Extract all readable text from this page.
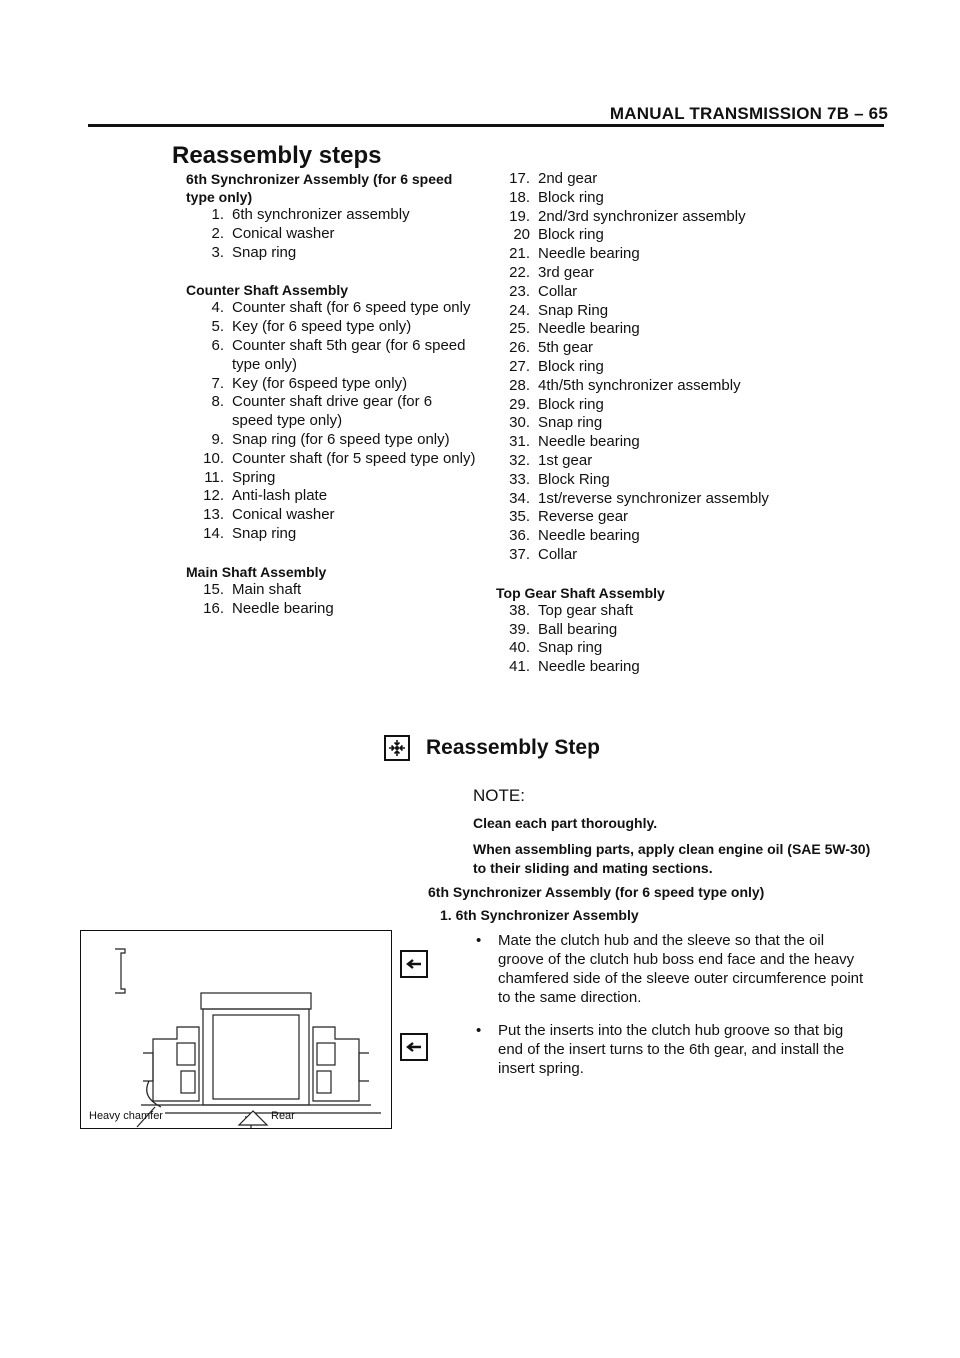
MANUAL TRANSMISSION 7B – 65
Reassembly steps
6th Synchronizer Assembly (for 6 speed type only)
1. 6th synchronizer assembly
2. Conical washer
3. Snap ring
Counter Shaft Assembly
4. Counter shaft (for 6 speed type only
5. Key (for 6 speed type only)
6. Counter shaft 5th gear (for 6 speed type only)
7. Key (for 6speed type only)
8. Counter shaft drive gear (for 6 speed type only)
9. Snap ring (for 6 speed type only)
10. Counter shaft (for 5 speed type only)
11. Spring
12. Anti-lash plate
13. Conical washer
14. Snap ring
Main Shaft Assembly
15. Main shaft
16. Needle bearing
17. 2nd gear
18. Block ring
19. 2nd/3rd synchronizer assembly
20 Block ring
21. Needle bearing
22. 3rd gear
23. Collar
24. Snap Ring
25. Needle bearing
26. 5th gear
27. Block ring
28. 4th/5th synchronizer assembly
29. Block ring
30. Snap ring
31. Needle bearing
32. 1st gear
33. Block Ring
34. 1st/reverse synchronizer assembly
35. Reverse gear
36. Needle bearing
37. Collar
Top Gear Shaft Assembly
38. Top gear shaft
39. Ball bearing
40. Snap ring
41. Needle bearing
Reassembly Step
NOTE:

Clean each part thoroughly.

When assembling parts, apply clean engine oil (SAE 5W-30) to their sliding and mating sections.

6th Synchronizer Assembly (for 6 speed type only)
1. 6th Synchronizer Assembly
•	Mate the clutch hub and the sleeve so that the oil groove of the clutch hub boss end face and the heavy chamfered side of the sleeve outer circumference point to the same direction.
•	Put the inserts into the clutch hub groove so that big end of the insert turns to the 6th gear, and install the insert spring.
Heavy chamfer	Rear
